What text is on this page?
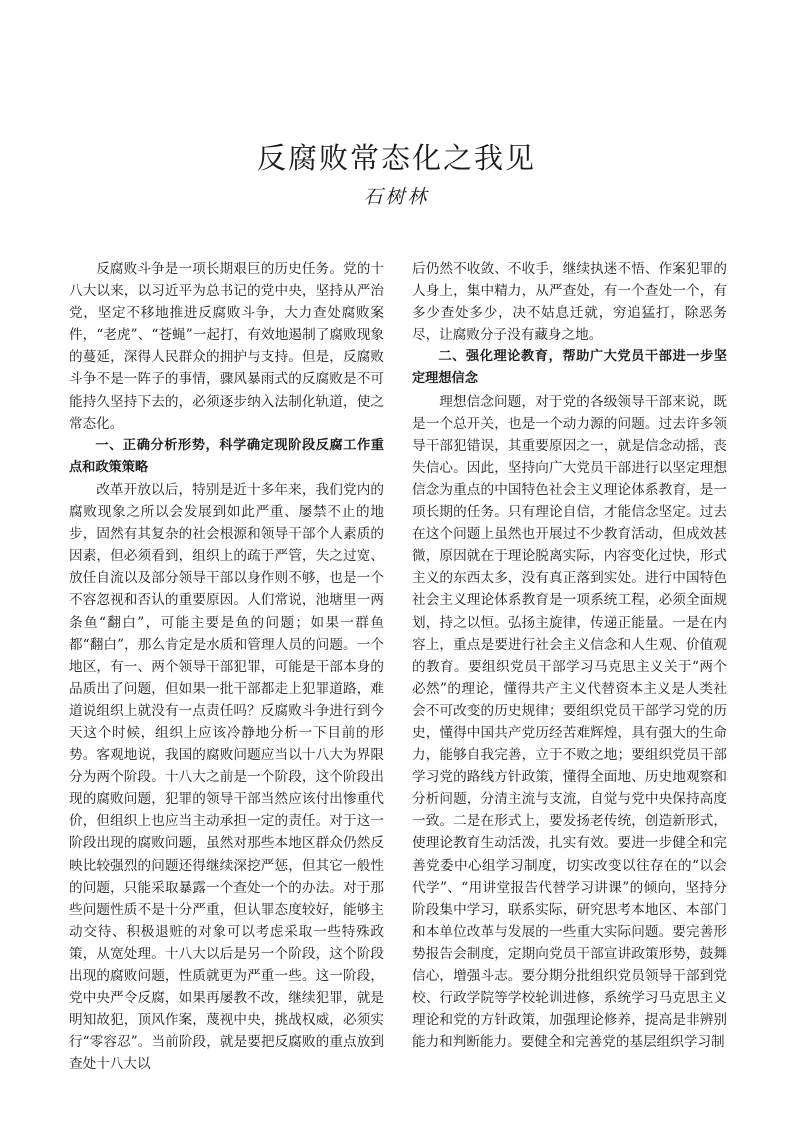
反腐败常态化之我见
石树林

反腐败斗争是一项长期艰巨的历史任务。党的十八大以来，以习近平为总书记的党中央，坚持从严治党，坚定不移地推进反腐败斗争，大力查处腐败案件，“老虎”、“苍蝇”一起打，有效地遏制了腐败现象的蔓延，深得人民群众的拥护与支持。但是，反腐败斗争不是一阵子的事情，骤风暴雨式的反腐败是不可能持久坚持下去的，必须逐步纳入法制化轨道，使之常态化。

一、正确分析形势，科学确定现阶段反腐工作重点和政策策略

改革开放以后，特别是近十多年来，我们党内的腐败现象之所以会发展到如此严重、屡禁不止的地步，固然有其复杂的社会根源和领导干部个人素质的因素，但必须看到，组织上的疏于严管，失之过宽、放任自流以及部分领导干部以身作则不够，也是一个不容忽视和否认的重要原因。人们常说，池塘里一两条鱼“翻白”，可能主要是鱼的问题；如果一群鱼都“翻白”，那么肯定是水质和管理人员的问题。一个地区，有一、两个领导干部犯罪，可能是干部本身的品质出了问题，但如果一批干部都走上犯罪道路，难道说组织上就没有一点责任吗？反腐败斗争进行到今天这个时候，组织上应该冷静地分析一下目前的形势。客观地说，我国的腐败问题应当以十八大为界限分为两个阶段。十八大之前是一个阶段，这个阶段出现的腐败问题，犯罪的领导干部当然应该付出惨重代价，但组织上也应当主动承担一定的责任。对于这一阶段出现的腐败问题，虽然对那些本地区群众仍然反映比较强烈的问题还得继续深挖严惩，但其它一般性的问题，只能采取暴露一个查处一个的办法。对于那些问题性质不是十分严重，但认罪态度较好，能够主动交待、积极退赃的对象可以考虑采取一些特殊政策，从宽处理。十八大以后是另一个阶段，这个阶段出现的腐败问题，性质就更为严重一些。这一阶段，党中央严令反腐，如果再屡教不改，继续犯罪，就是明知故犯，顶风作案，蔑视中央，挑战权威，必须实行“零容忍”。当前阶段，就是要把反腐败的重点放到查处十八大以

后仍然不收敛、不收手，继续执迷不悟、作案犯罪的人身上，集中精力，从严查处，有一个查处一个，有多少查处多少，决不姑息迁就，穷追猛打，除恶务尽，让腐败分子没有藏身之地。

二、强化理论教育，帮助广大党员干部进一步坚定理想信念

理想信念问题，对于党的各级领导干部来说，既是一个总开关，也是一个动力源的问题。过去许多领导干部犯错误，其重要原因之一，就是信念动摇，丧失信心。因此，坚持向广大党员干部进行以坚定理想信念为重点的中国特色社会主义理论体系教育，是一项长期的任务。只有理论自信，才能信念坚定。过去在这个问题上虽然也开展过不少教育活动，但成效甚微，原因就在于理论脱离实际，内容变化过快，形式主义的东西太多，没有真正落到实处。进行中国特色社会主义理论体系教育是一项系统工程，必须全面规划，持之以恒。弘扬主旋律，传递正能量。一是在内容上，重点是要进行社会主义信念和人生观、价值观的教育。要组织党员干部学习马克思主义关于“两个必然”的理论，懂得共产主义代替资本主义是人类社会不可改变的历史规律；要组织党员干部学习党的历史，懂得中国共产党历经苦难辉煌，具有强大的生命力，能够自我完善，立于不败之地；要组织党员干部学习党的路线方针政策，懂得全面地、历史地观察和分析问题，分清主流与支流，自觉与党中央保持高度一致。二是在形式上，要发扬老传统，创造新形式，使理论教育生动活泼，扎实有效。要进一步健全和完善党委中心组学习制度，切实改变以往存在的“以会代学”、“用讲堂报告代替学习讲课”的倾向，坚持分阶段集中学习，联系实际，研究思考本地区、本部门和本单位改革与发展的一些重大实际问题。要完善形势报告会制度，定期向党员干部宣讲政策形势，鼓舞信心，增强斗志。要分期分批组织党员领导干部到党校、行政学院等学校轮训进修，系统学习马克思主义理论和党的方针政策，加强理论修养，提高是非辨别能力和判断能力。要健全和完善党的基层组织学习制
